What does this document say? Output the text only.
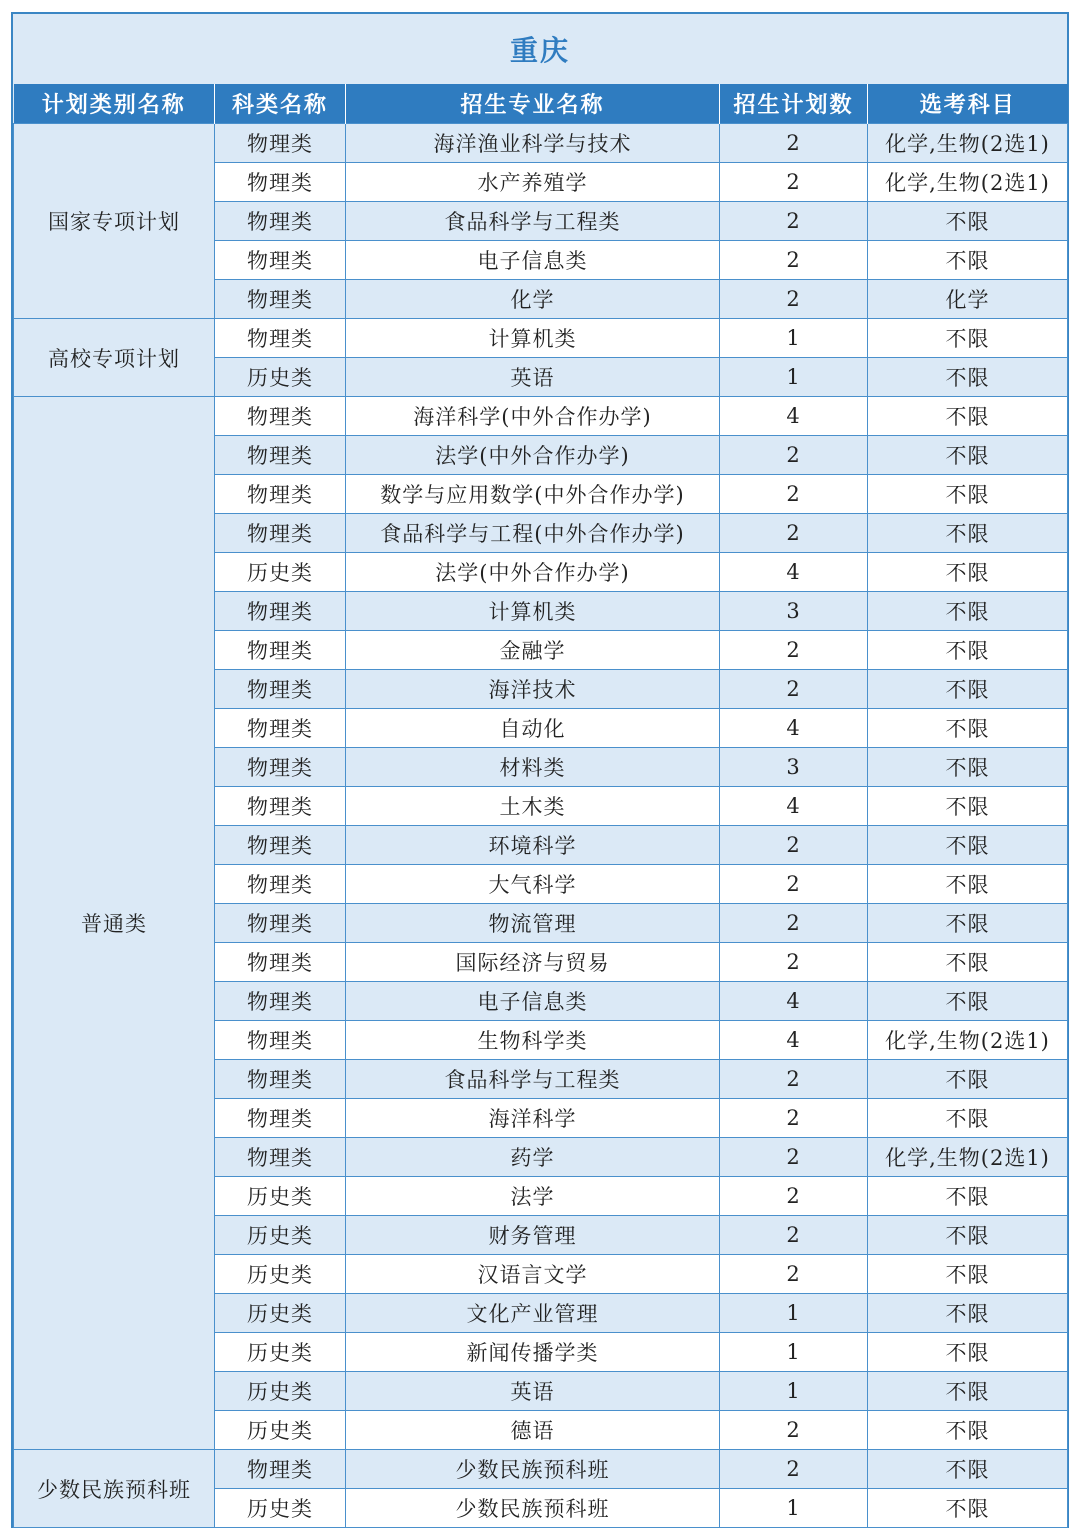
重庆
计划类别名称	科类名称	招生专业名称	招生计划数	选考科目
国家专项计划	物理类	海洋渔业科学与技术	2	化学,生物(2选1)
	物理类	水产养殖学	2	化学,生物(2选1)
	物理类	食品科学与工程类	2	不限
	物理类	电子信息类	2	不限
	物理类	化学	2	化学
高校专项计划	物理类	计算机类	1	不限
	历史类	英语	1	不限
普通类	物理类	海洋科学(中外合作办学)	4	不限
	物理类	法学(中外合作办学)	2	不限
	物理类	数学与应用数学(中外合作办学)	2	不限
	物理类	食品科学与工程(中外合作办学)	2	不限
	历史类	法学(中外合作办学)	4	不限
	物理类	计算机类	3	不限
	物理类	金融学	2	不限
	物理类	海洋技术	2	不限
	物理类	自动化	4	不限
	物理类	材料类	3	不限
	物理类	土木类	4	不限
	物理类	环境科学	2	不限
	物理类	大气科学	2	不限
	物理类	物流管理	2	不限
	物理类	国际经济与贸易	2	不限
	物理类	电子信息类	4	不限
	物理类	生物科学类	4	化学,生物(2选1)
	物理类	食品科学与工程类	2	不限
	物理类	海洋科学	2	不限
	物理类	药学	2	化学,生物(2选1)
	历史类	法学	2	不限
	历史类	财务管理	2	不限
	历史类	汉语言文学	2	不限
	历史类	文化产业管理	1	不限
	历史类	新闻传播学类	1	不限
	历史类	英语	1	不限
	历史类	德语	2	不限
少数民族预科班	物理类	少数民族预科班	2	不限
	历史类	少数民族预科班	1	不限
